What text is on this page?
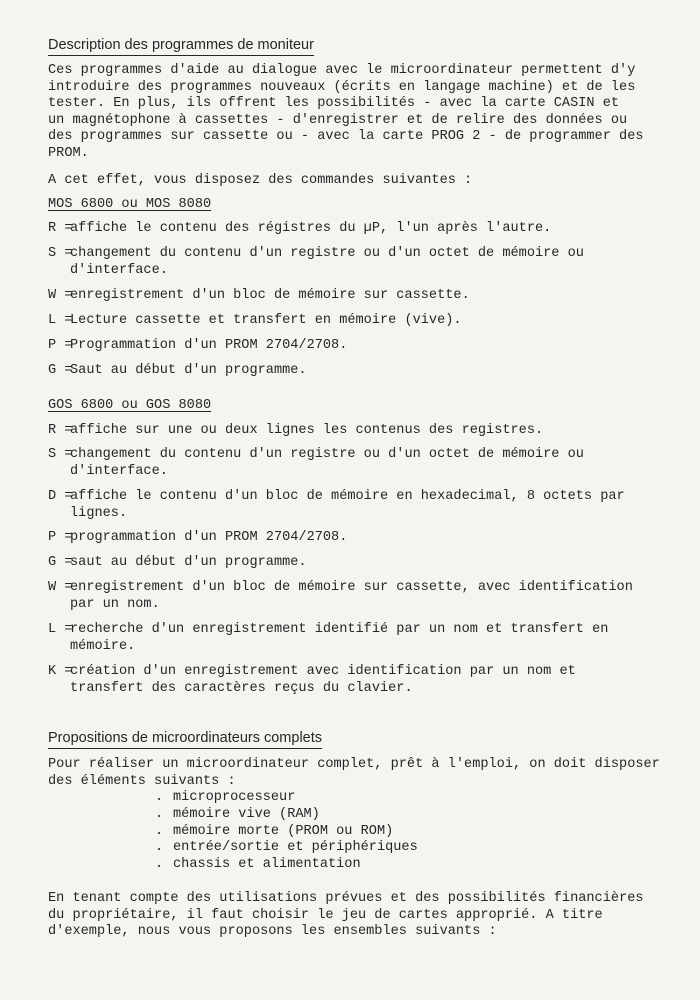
Description des programmes de moniteur
Ces programmes d'aide au dialogue avec le microordinateur permettent d'y
introduire des programmes nouveaux (écrits en langage machine) et de les
tester. En plus, ils offrent les possibilités - avec la carte CASIN et
un magnétophone à cassettes - d'enregistrer et de relire des données ou
des programmes sur cassette ou - avec la carte PROG 2 - de programmer des
PROM.
A cet effet, vous disposez des commandes suivantes :
MOS 6800 ou MOS 8080
R =
affiche le contenu des régistres du µP, l'un après l'autre.
S =
changement du contenu d'un registre ou d'un octet de mémoire ou
d'interface.
W =
enregistrement d'un bloc de mémoire sur cassette.
L =
Lecture cassette et transfert en mémoire (vive).
P =
Programmation d'un PROM 2704/2708.
G =
Saut au début d'un programme.
GOS 6800 ou GOS 8080
R =
affiche sur une ou deux lignes les contenus des registres.
S =
changement du contenu d'un registre ou d'un octet de mémoire ou
d'interface.
D =
affiche le contenu d'un bloc de mémoire en hexadecimal, 8 octets par
lignes.
P =
programmation d'un PROM 2704/2708.
G =
saut au début d'un programme.
W =
enregistrement d'un bloc de mémoire sur cassette, avec identification
par un nom.
L =
recherche d'un enregistrement identifié par un nom et transfert en
mémoire.
K =
création d'un enregistrement avec identification par un nom et
transfert des caractères reçus du clavier.
Propositions de microordinateurs complets
Pour réaliser un microordinateur complet, prêt à l'emploi, on doit disposer
des éléments suivants :
. microprocesseur
. mémoire vive (RAM)
. mémoire morte (PROM ou ROM)
. entrée/sortie et périphériques
. chassis et alimentation
En tenant compte des utilisations prévues et des possibilités financières
du propriétaire, il faut choisir le jeu de cartes approprié. A titre
d'exemple, nous vous proposons les ensembles suivants :
